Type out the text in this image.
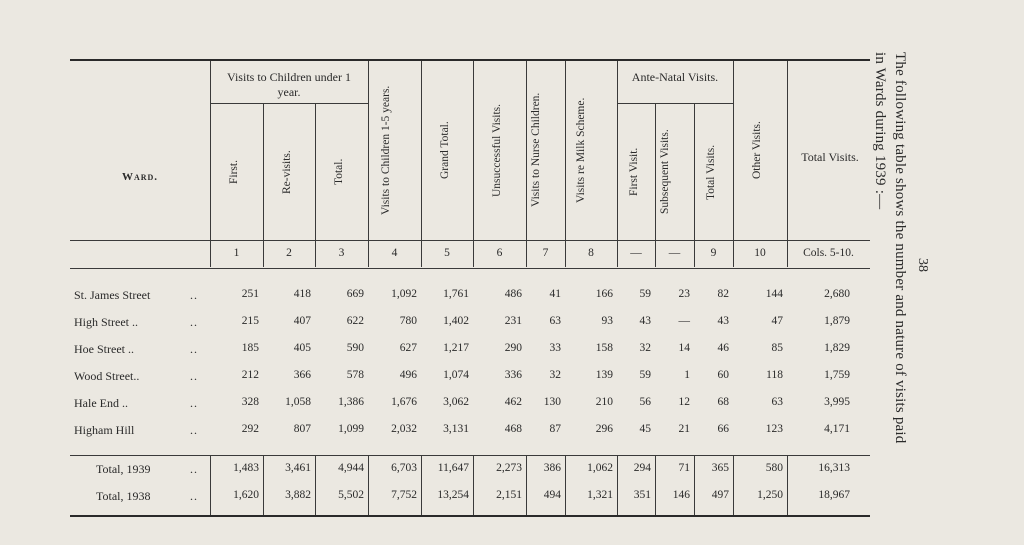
38
The following table shows the number and nature of visits paid
in Wards during 1939 :—
Ward.
Visits to Children under 1 year.
Ante-Natal Visits.
Total Visits.
First.	Re-visits.	Total.	Visits to Children 1-5 years.	Grand Total.	Unsuccessful Visits.	Visits to Nurse Children.	Visits re Milk Scheme.	First Visit.	Subsequent Visits.	Total Visits.	Other Visits.
1	2	3	4	5	6	7	8	—	—	9	10	Cols. 5-10.
St. James Street	..	251	418	669	1,092	1,761	486	41	166	59	23	82	144	2,680
High Street ..	..	215	407	622	780	1,402	231	63	93	43	—	43	47	1,879
Hoe Street ..	..	185	405	590	627	1,217	290	33	158	32	14	46	85	1,829
Wood Street..	..	212	366	578	496	1,074	336	32	139	59	1	60	118	1,759
Hale End ..	..	328	1,058	1,386	1,676	3,062	462	130	210	56	12	68	63	3,995
Higham Hill	..	292	807	1,099	2,032	3,131	468	87	296	45	21	66	123	4,171
Total, 1939	..	1,483	3,461	4,944	6,703	11,647	2,273	386	1,062	294	71	365	580	16,313
Total, 1938	..	1,620	3,882	5,502	7,752	13,254	2,151	494	1,321	351	146	497	1,250	18,967
